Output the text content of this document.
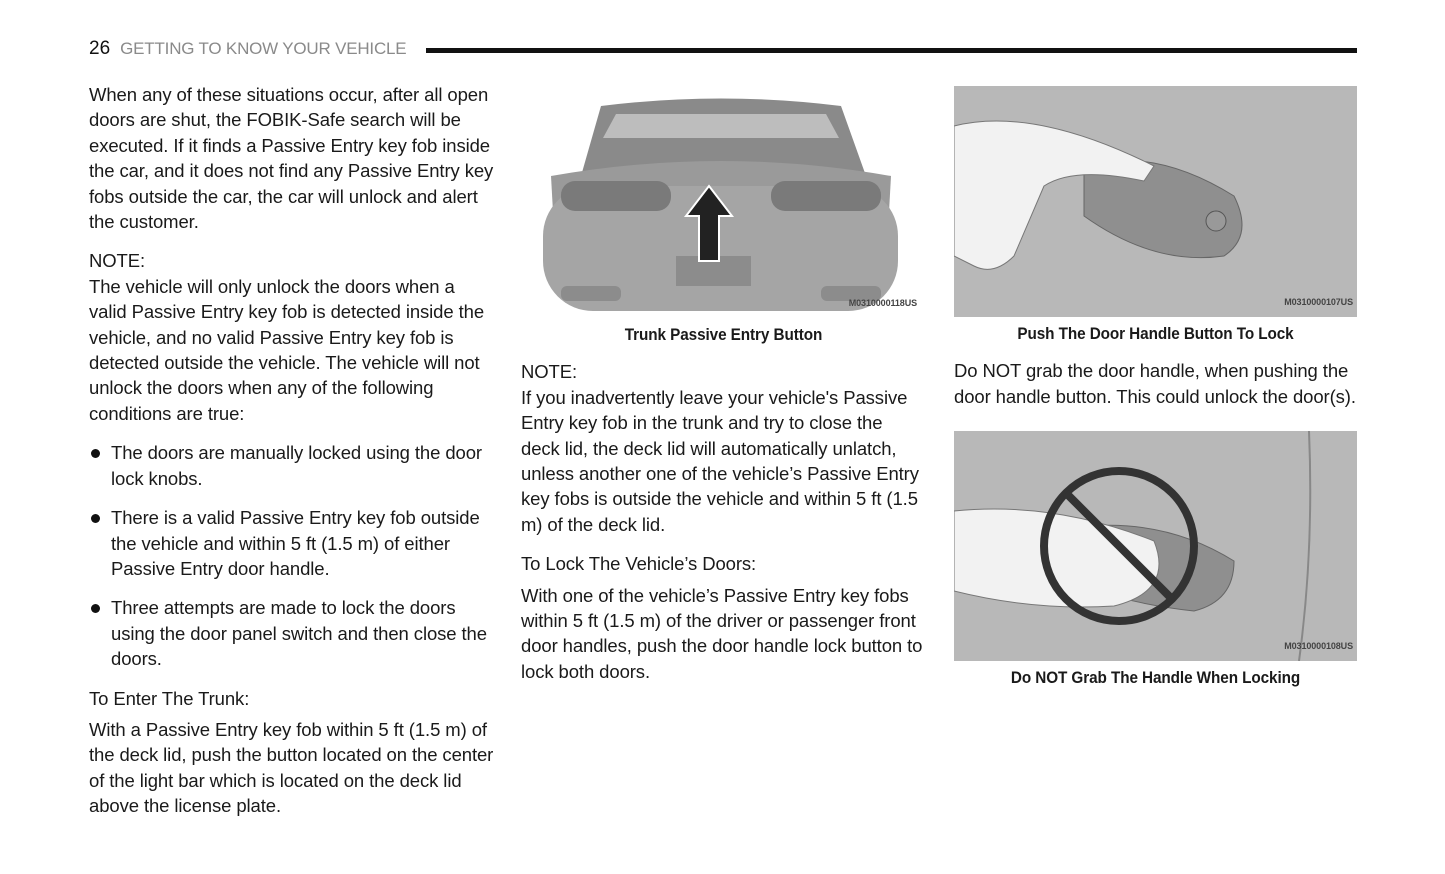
26 GETTING TO KNOW YOUR VEHICLE

When any of these situations occur, after all open doors are shut, the FOBIK-Safe search will be executed. If it finds a Passive Entry key fob inside the car, and it does not find any Passive Entry key fobs outside the car, the car will unlock and alert the customer.

NOTE:

The vehicle will only unlock the doors when a valid Passive Entry key fob is detected inside the vehicle, and no valid Passive Entry key fob is detected outside the vehicle. The vehicle will not unlock the doors when any of the following conditions are true:

The doors are manually locked using the door lock knobs.
There is a valid Passive Entry key fob outside the vehicle and within 5 ft (1.5 m) of either Passive Entry door handle.
Three attempts are made to lock the doors using the door panel switch and then close the doors.
To Enter The Trunk:

With a Passive Entry key fob within 5 ft (1.5 m) of the deck lid, push the button located on the center of the light bar which is located on the deck lid above the license plate.

M0310000118US
Trunk Passive Entry Button

NOTE:

If you inadvertently leave your vehicle's Passive Entry key fob in the trunk and try to close the deck lid, the deck lid will automatically unlatch, unless another one of the vehicle’s Passive Entry key fobs is outside the vehicle and within 5 ft (1.5 m) of the deck lid.

To Lock The Vehicle’s Doors:

With one of the vehicle’s Passive Entry key fobs within 5 ft (1.5 m) of the driver or passenger front door handles, push the door handle lock button to lock both doors.

M0310000107US
Push The Door Handle Button To Lock

Do NOT grab the door handle, when pushing the door handle button. This could unlock the door(s).

M0310000108US
Do NOT Grab The Handle When Locking
